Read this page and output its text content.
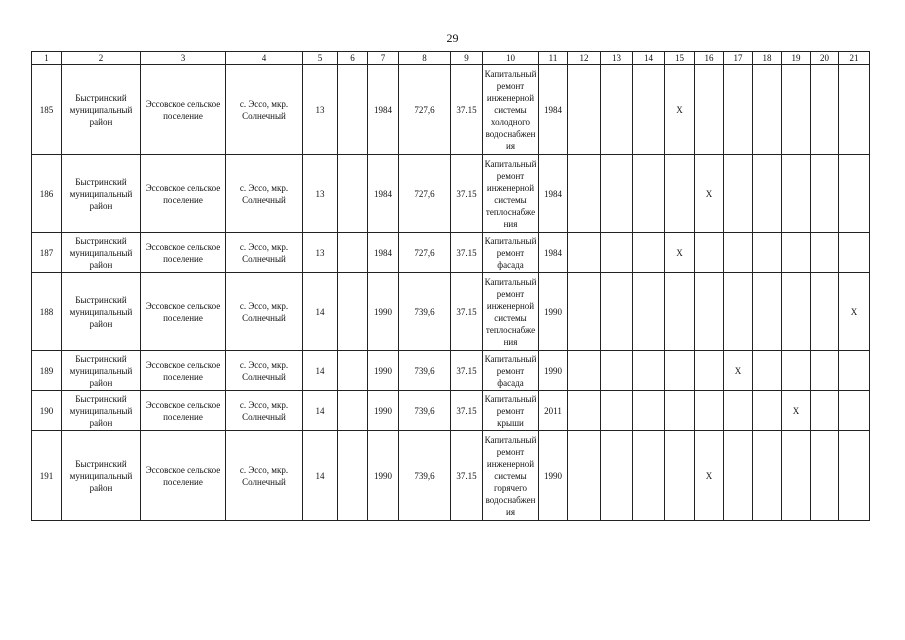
29
1	2	3	4	5	6	7	8	9	10	11	12	13	14	15	16	17	18	19	20	21
185	Быстринский муниципальный район	Эссовское сельское поселение	с. Эссо, мкр. Солнечный	13		1984	727,6	37.15	Капитальный ремонт инженерной системы холодного водоснабжения	1984				X						
186	Быстринский муниципальный район	Эссовское сельское поселение	с. Эссо, мкр. Солнечный	13		1984	727,6	37.15	Капитальный ремонт инженерной системы теплоснабжения	1984					X					
187	Быстринский муниципальный район	Эссовское сельское поселение	с. Эссо, мкр. Солнечный	13		1984	727,6	37.15	Капитальный ремонт фасада	1984				X						
188	Быстринский муниципальный район	Эссовское сельское поселение	с. Эссо, мкр. Солнечный	14		1990	739,6	37.15	Капитальный ремонт инженерной системы теплоснабжения	1990										X
189	Быстринский муниципальный район	Эссовское сельское поселение	с. Эссо, мкр. Солнечный	14		1990	739,6	37.15	Капитальный ремонт фасада	1990						X				
190	Быстринский муниципальный район	Эссовское сельское поселение	с. Эссо, мкр. Солнечный	14		1990	739,6	37.15	Капитальный ремонт крыши	2011								X		
191	Быстринский муниципальный район	Эссовское сельское поселение	с. Эссо, мкр. Солнечный	14		1990	739,6	37.15	Капитальный ремонт инженерной системы горячего водоснабжения	1990					X					
